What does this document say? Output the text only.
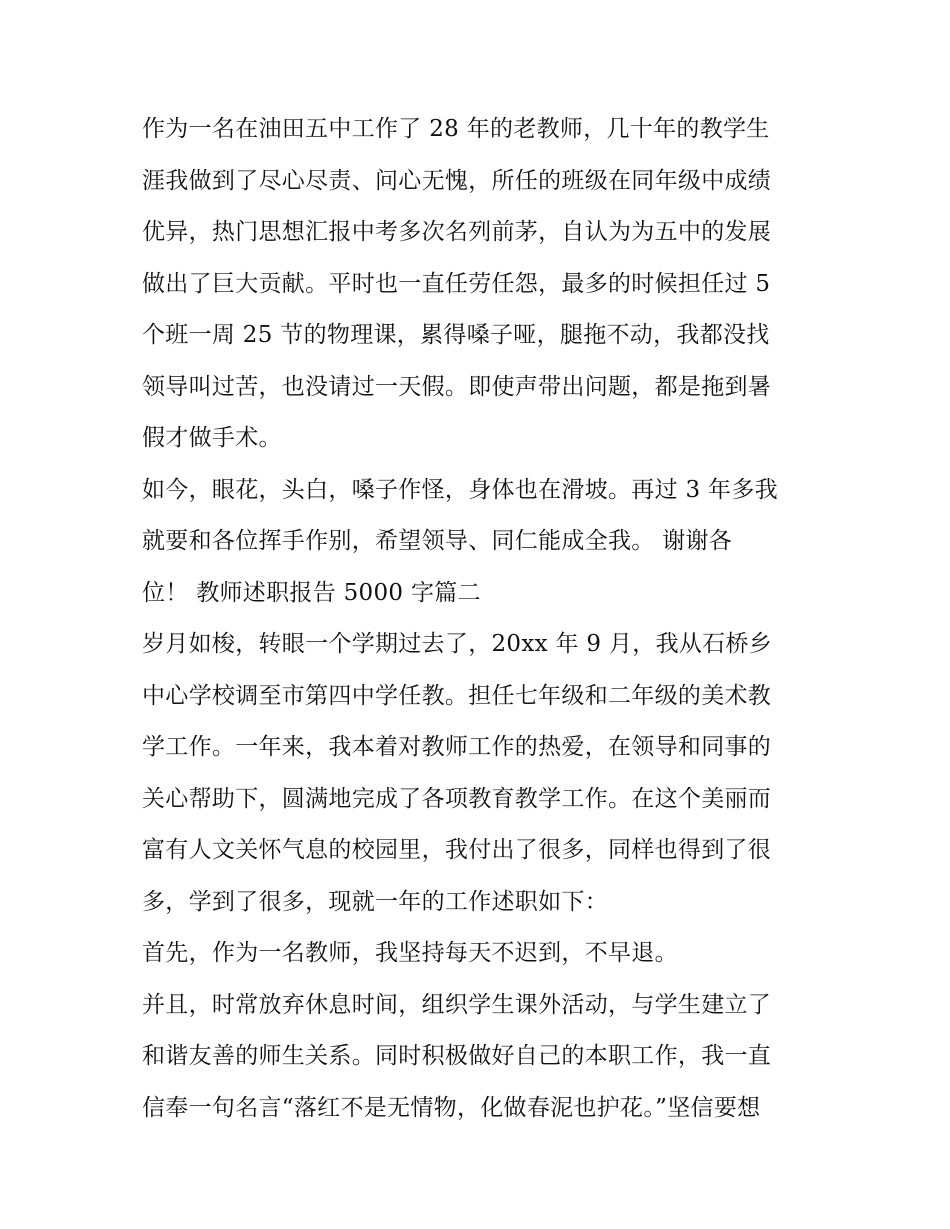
作为一名在油田五中工作了 28 年的老教师，几十年的教学生
涯我做到了尽心尽责、问心无愧，所任的班级在同年级中成绩
优异，热门思想汇报中考多次名列前茅，自认为为五中的发展
做出了巨大贡献。平时也一直任劳任怨，最多的时候担任过 5
个班一周 25 节的物理课，累得嗓子哑，腿拖不动，我都没找
领导叫过苦，也没请过一天假。即使声带出问题，都是拖到暑
假才做手术。
如今，眼花，头白，嗓子作怪，身体也在滑坡。再过 3 年多我
就要和各位挥手作别，希望领导、同仁能成全我。 谢谢各
位！ 教师述职报告 5000 字篇二
岁月如梭，转眼一个学期过去了，20xx 年 9 月，我从石桥乡
中心学校调至市第四中学任教。担任七年级和二年级的美术教
学工作。一年来，我本着对教师工作的热爱，在领导和同事的
关心帮助下，圆满地完成了各项教育教学工作。在这个美丽而
富有人文关怀气息的校园里，我付出了很多，同样也得到了很
多，学到了很多，现就一年的工作述职如下：
首先，作为一名教师，我坚持每天不迟到，不早退。
并且，时常放弃休息时间，组织学生课外活动，与学生建立了
和谐友善的师生关系。同时积极做好自己的本职工作，我一直
信奉一句名言“落红不是无情物，化做春泥也护花。”坚信要想
